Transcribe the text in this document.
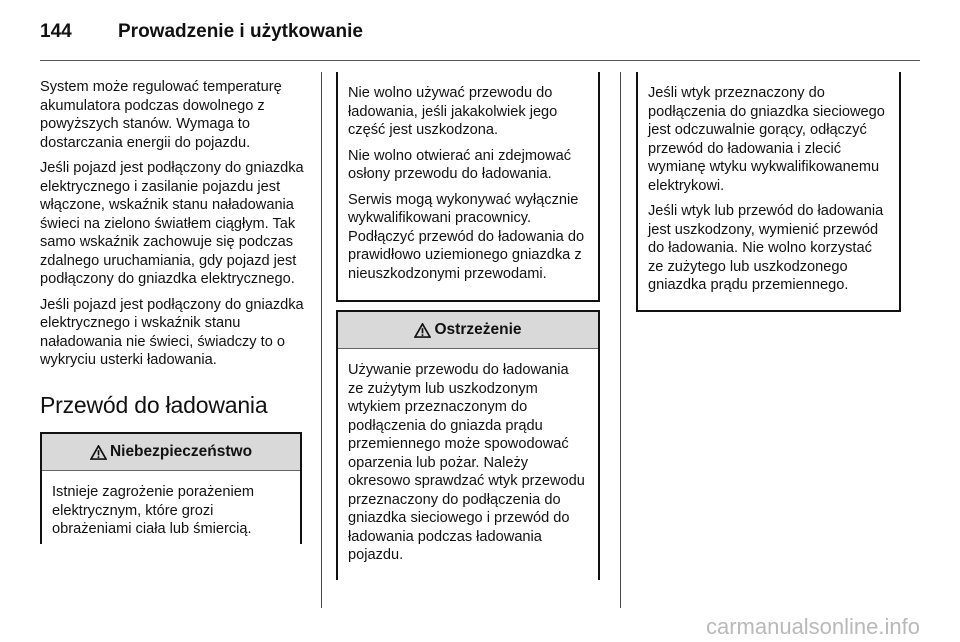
144	Prowadzenie i użytkowanie

System może regulować temperaturę akumulatora podczas dowolnego z powyższych stanów. Wymaga to dostarczania energii do pojazdu.

Jeśli pojazd jest podłączony do gniazdka elektrycznego i zasilanie pojazdu jest włączone, wskaźnik stanu naładowania świeci na zielono światłem ciągłym. Tak samo wskaźnik zachowuje się podczas zdalnego uruchamiania, gdy pojazd jest podłączony do gniazdka elektrycznego.

Jeśli pojazd jest podłączony do gniazdka elektrycznego i wskaźnik stanu naładowania nie świeci, świadczy to o wykryciu usterki ładowania.

Przewód do ładowania
Niebezpieczeństwo
Istnieje zagrożenie porażeniem elektrycznym, które grozi obrażeniami ciała lub śmiercią.

Nie wolno używać przewodu do ładowania, jeśli jakakolwiek jego część jest uszkodzona.

Nie wolno otwierać ani zdejmować osłony przewodu do ładowania.

Serwis mogą wykonywać wyłącznie wykwalifikowani pracownicy. Podłączyć przewód do ładowania do prawidłowo uziemionego gniazdka z nieuszkodzonymi przewodami.

Ostrzeżenie
Używanie przewodu do ładowania ze zużytym lub uszkodzonym wtykiem przeznaczonym do podłączenia do gniazda prądu przemiennego może spowodować oparzenia lub pożar. Należy okresowo sprawdzać wtyk przewodu przeznaczony do podłączenia do gniazdka sieciowego i przewód do ładowania podczas ładowania pojazdu.

Jeśli wtyk przeznaczony do podłączenia do gniazdka sieciowego jest odczuwalnie gorący, odłączyć przewód do ładowania i zlecić wymianę wtyku wykwalifikowanemu elektrykowi.

Jeśli wtyk lub przewód do ładowania jest uszkodzony, wymienić przewód do ładowania. Nie wolno korzystać ze zużytego lub uszkodzonego gniazdka prądu przemiennego.

carmanualsonline.info
